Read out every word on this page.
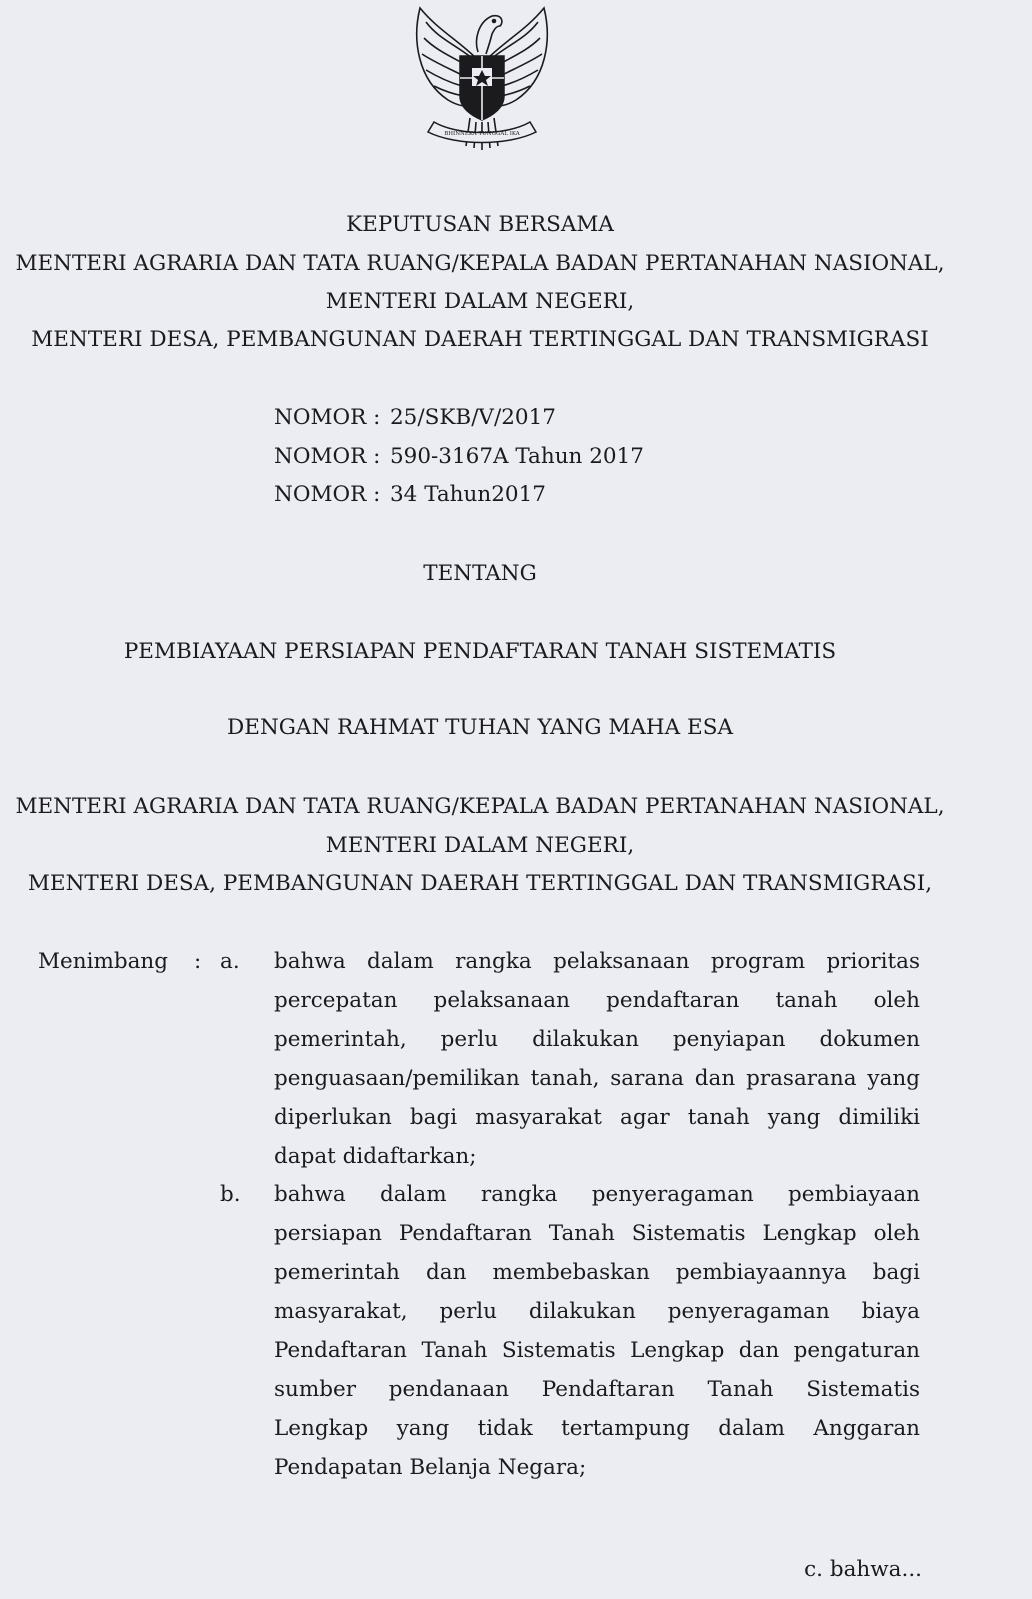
BHINNEKA TUNGGAL IKA
KEPUTUSAN BERSAMA
MENTERI AGRARIA DAN TATA RUANG/KEPALA BADAN PERTANAHAN NASIONAL,
MENTERI DALAM NEGERI,
MENTERI DESA, PEMBANGUNAN DAERAH TERTINGGAL DAN TRANSMIGRASI
NOMOR : 25/SKB/V/2017
NOMOR : 590-3167A Tahun 2017
NOMOR : 34 Tahun2017
TENTANG
PEMBIAYAAN PERSIAPAN PENDAFTARAN TANAH SISTEMATIS
DENGAN RAHMAT TUHAN YANG MAHA ESA
MENTERI AGRARIA DAN TATA RUANG/KEPALA BADAN PERTANAHAN NASIONAL,
MENTERI DALAM NEGERI,
MENTERI DESA, PEMBANGUNAN DAERAH TERTINGGAL DAN TRANSMIGRASI,
Menimbang : a. bahwa dalam rangka pelaksanaan program prioritas
percepatan pelaksanaan pendaftaran tanah oleh
pemerintah, perlu dilakukan penyiapan dokumen
penguasaan/pemilikan tanah, sarana dan prasarana yang
diperlukan bagi masyarakat agar tanah yang dimiliki
dapat didaftarkan;
b. bahwa dalam rangka penyeragaman pembiayaan
persiapan Pendaftaran Tanah Sistematis Lengkap oleh
pemerintah dan membebaskan pembiayaannya bagi
masyarakat, perlu dilakukan penyeragaman biaya
Pendaftaran Tanah Sistematis Lengkap dan pengaturan
sumber pendanaan Pendaftaran Tanah Sistematis
Lengkap yang tidak tertampung dalam Anggaran
Pendapatan Belanja Negara;
c. bahwa...
